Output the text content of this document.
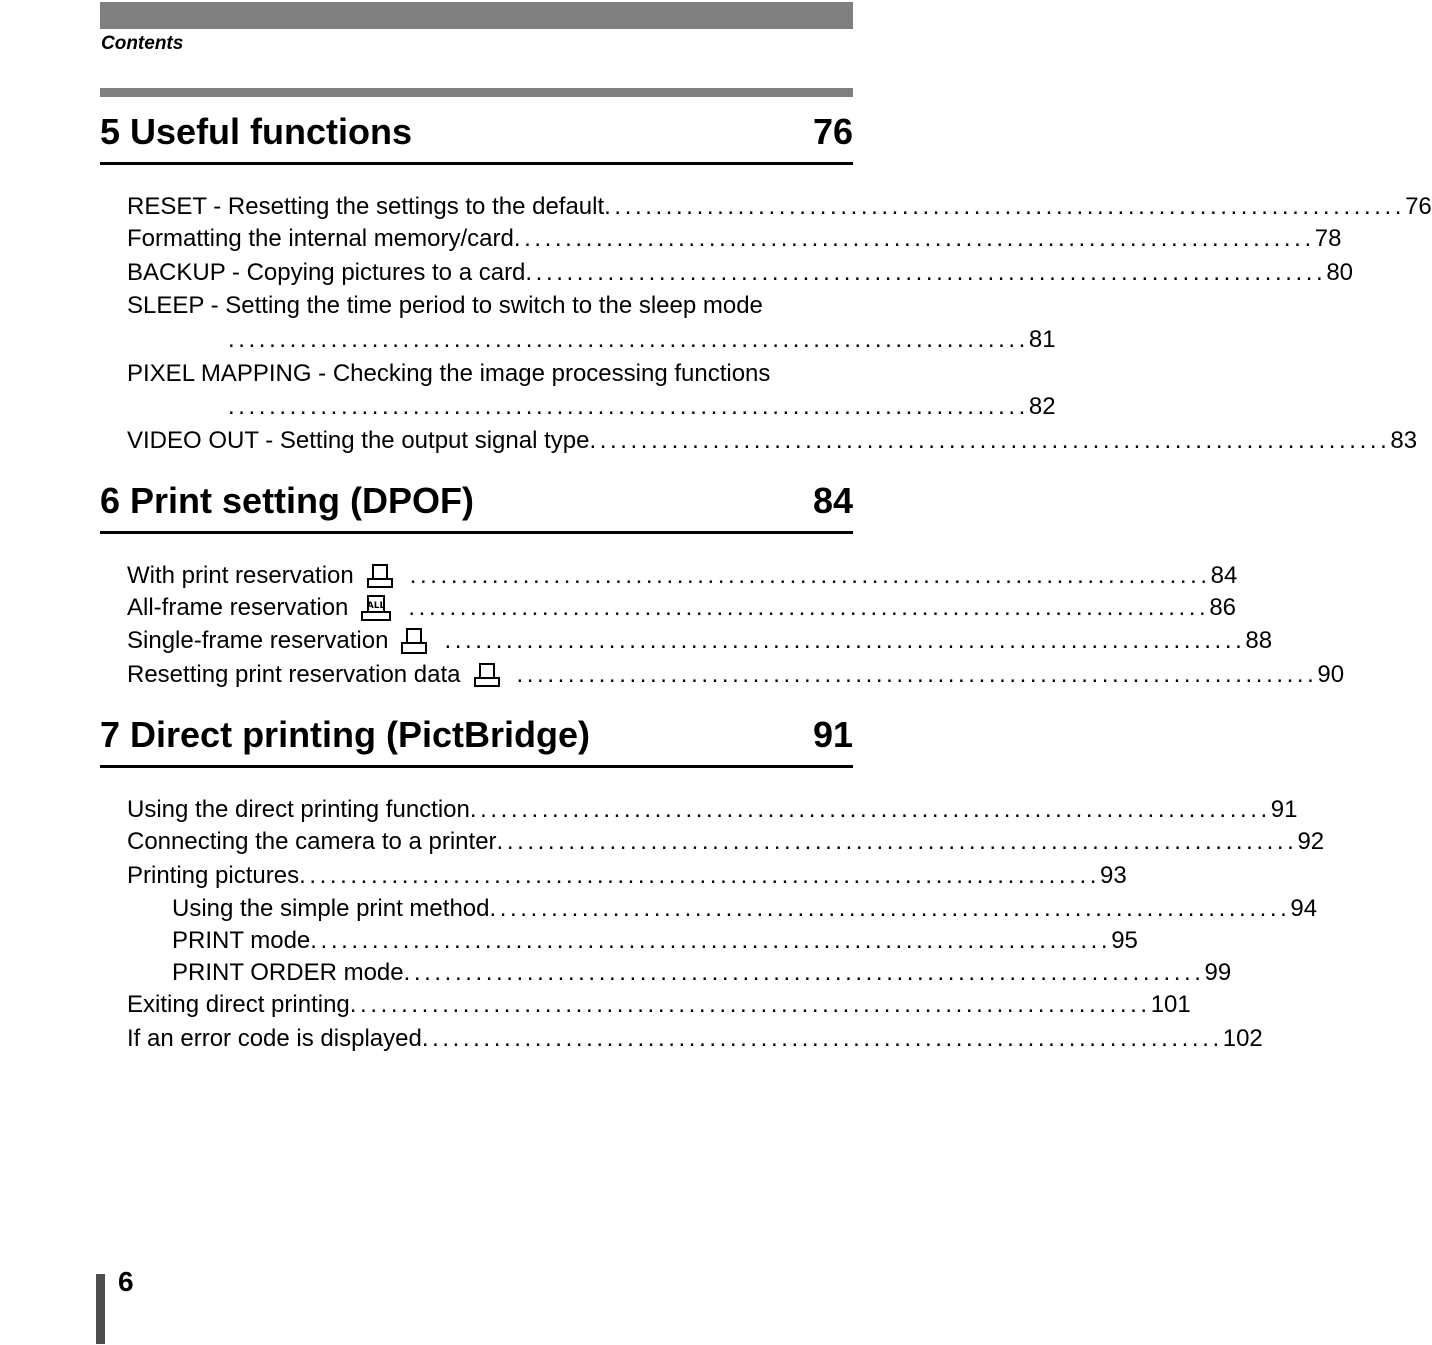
Contents
5 Useful functions	76
RESET - Resetting the settings to the default .............................................................................. 76
Formatting the internal memory/card .............................................................................. 78
BACKUP - Copying pictures to a card .............................................................................. 80
SLEEP - Setting the time period to switch to the sleep mode
.............................................................................. 81
PIXEL MAPPING - Checking the image processing functions
.............................................................................. 82
VIDEO OUT - Setting the output signal type .............................................................................. 83
6 Print setting (DPOF)	84
With print reservation .............................................................................. 84
All-frame reservation ALL .............................................................................. 86
Single-frame reservation .............................................................................. 88
Resetting print reservation data .............................................................................. 90
7 Direct printing (PictBridge)	91
Using the direct printing function .............................................................................. 91
Connecting the camera to a printer .............................................................................. 92
Printing pictures .............................................................................. 93
Using the simple print method .............................................................................. 94
PRINT mode .............................................................................. 95
PRINT ORDER mode .............................................................................. 99
Exiting direct printing .............................................................................. 101
If an error code is displayed .............................................................................. 102
6
